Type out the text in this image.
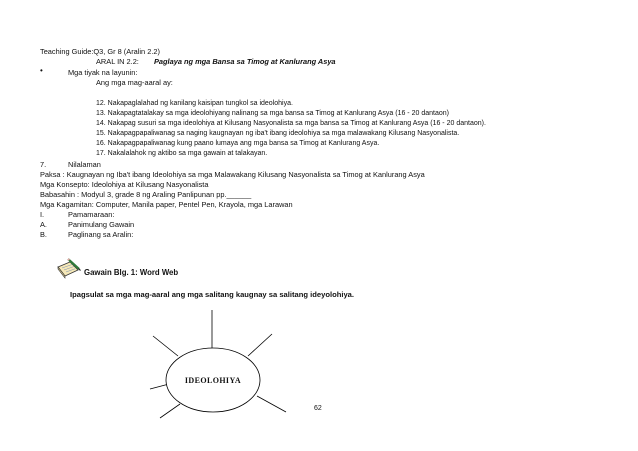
Teaching Guide:Q3, Gr 8 (Aralin 2.2)
ARAL IN 2.2: Paglaya ng mga Bansa sa Timog at Kanlurang Asya
•	Mga tiyak na layunin:
Ang mga mag-aaral ay:
12. Nakapaglalahad ng kanilang kaisipan tungkol sa ideolohiya.
13. Nakapagtatalakay sa mga ideolohiyang nalinang sa mga bansa sa Timog at Kanlurang Asya (16 - 20 dantaon)
14. Nakapag susuri sa mga ideolohiya at Kilusang Nasyonalista sa mga bansa sa Timog at Kanlurang Asya (16 - 20 dantaon).
15. Nakapagpapaliwanag sa naging kaugnayan ng iba't ibang ideolohiya sa mga malawakang Kilusang Nasyonalista.
16. Nakapagpapaliwanag kung paano lumaya ang mga bansa sa Timog at Kanlurang Asya.
17. Nakalalahok ng aktibo sa mga gawain at talakayan.
7.	Nilalaman
Paksa : Kaugnayan ng Iba't ibang Ideolohiya sa mga Malawakang Kilusang Nasyonalista sa Timog at Kanlurang Asya
Mga Konsepto: Ideolohiya at Kilusang Nasyonalista
Babasahin : Modyul 3, grade 8 ng Araling Panlipunan pp.______
Mga Kagamitan: Computer, Manila paper, Pentel Pen, Krayola, mga Larawan
I.	Pamamaraan:
A.	Panimulang Gawain
B.	Paglinang sa Aralin:
Gawain Blg. 1: Word Web
Ipagsulat sa mga mag-aaral ang mga salitang kaugnay sa salitang ideyolohiya.
IDEOLOHIYA
62
